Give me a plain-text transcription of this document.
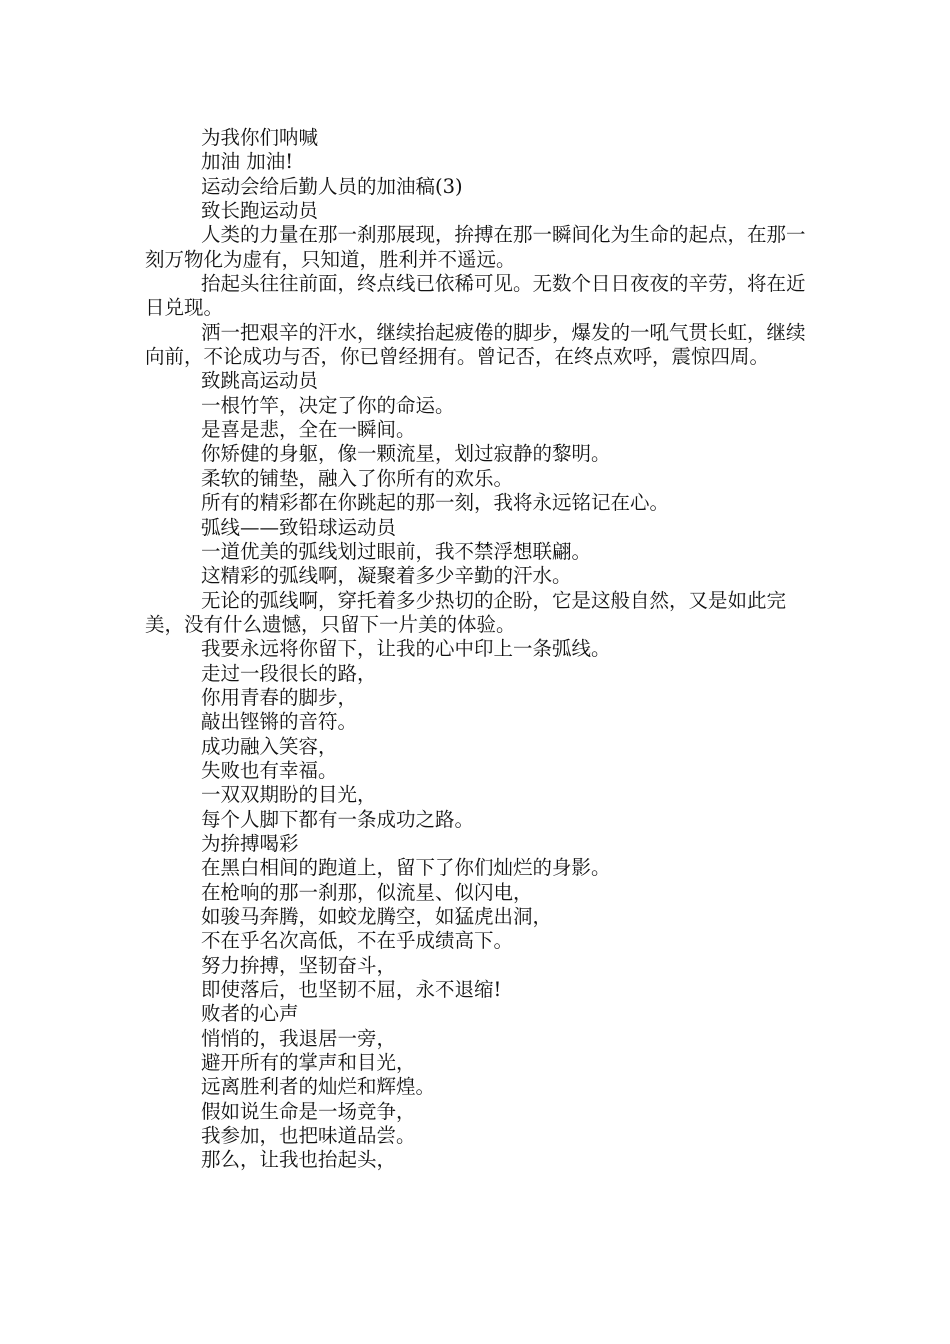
为我你们呐喊

加油 加油!

运动会给后勤人员的加油稿(3)

致长跑运动员

人类的力量在那一刹那展现，拚搏在那一瞬间化为生命的起点，在那一刻万物化为虚有，只知道，胜利并不遥远。

抬起头往往前面，终点线已依稀可见。无数个日日夜夜的辛劳，将在近日兑现。

洒一把艰辛的汗水，继续抬起疲倦的脚步，爆发的一吼气贯长虹，继续向前，不论成功与否，你已曾经拥有。曾记否，在终点欢呼，震惊四周。

致跳高运动员

一根竹竿，决定了你的命运。

是喜是悲，全在一瞬间。

你矫健的身躯，像一颗流星，划过寂静的黎明。

柔软的铺垫，融入了你所有的欢乐。

所有的精彩都在你跳起的那一刻，我将永远铭记在心。

弧线——致铅球运动员

一道优美的弧线划过眼前，我不禁浮想联翩。

这精彩的弧线啊，凝聚着多少辛勤的汗水。

无论的弧线啊，穿托着多少热切的企盼，它是这般自然，又是如此完美，没有什么遗憾，只留下一片美的体验。

我要永远将你留下，让我的心中印上一条弧线。

走过一段很长的路，

你用青春的脚步，

敲出铿锵的音符。

成功融入笑容，

失败也有幸福。

一双双期盼的目光，

每个人脚下都有一条成功之路。

为拚搏喝彩

在黑白相间的跑道上，留下了你们灿烂的身影。

在枪响的那一刹那，似流星、似闪电，

如骏马奔腾，如蛟龙腾空，如猛虎出洞，

不在乎名次高低，不在乎成绩高下。

努力拚搏，坚韧奋斗，

即使落后，也坚韧不屈，永不退缩!

败者的心声

悄悄的，我退居一旁，

避开所有的掌声和目光，

远离胜利者的灿烂和辉煌。

假如说生命是一场竞争，

我参加，也把味道品尝。

那么，让我也抬起头，
